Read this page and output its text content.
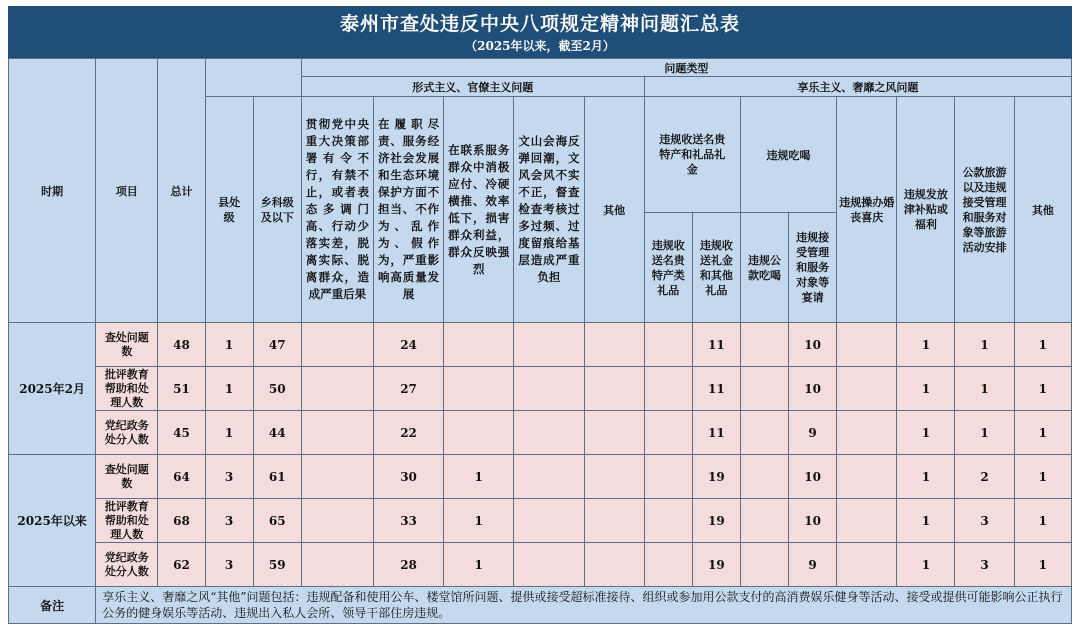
泰州市查处违反中央八项规定精神问题汇总表
（2025年以来，截至2月）
时期	项目	总计			问题类型												
					形式主义、官僚主义问题					享乐主义、奢靡之风问题							

			县处级	乡科级及以下	贯彻党中央重大决策部署有令不行，有禁不止，或者表态多调门高、行动少落实差，脱离实际、脱离群众，造成严重后果	在履职尽责、服务经济社会发展和生态环境保护方面不担当、不作为、乱作为、假作为，严重影响高质量发展	在联系服务群众中消极应付、冷硬横推、效率低下，损害群众利益，群众反映强烈	文山会海反弹回潮，文风会风不实不正，督查检查考核过多过频、过度留痕给基层造成严重负担	其他	违规收送名贵特产和礼品礼金		违规吃喝		违规操办婚丧喜庆	违规发放津补贴或福利	公款旅游以及违规接受管理和服务对象等旅游活动安排	其他

										违规收送名贵特产类礼品	违规收送礼金和其他礼品	违规公款吃喝	违规接受管理和服务对象等宴请				

2025年2月	查处问题数	48	1	47		24					11		10		1	1	1
	批评教育帮助和处理人数	51	1	50		27					11		10		1	1	1
	党纪政务处分人数	45	1	44		22					11		9		1	1	1
2025年以来	查处问题数	64	3	61		30	1				19		10		1	2	1
	批评教育帮助和处理人数	68	3	65		33	1				19		10		1	3	1
	党纪政务处分人数	62	3	59		28	1				19		9		1	3	1
备注	享乐主义、奢靡之风“其他”问题包括：违规配备和使用公车、楼堂馆所问题、提供或接受超标准接待、组织或参加用公款支付的高消费娱乐健身等活动、接受或提供可能影响公正执行公务的健身娱乐等活动、违规出入私人会所、领导干部住房违规。																
